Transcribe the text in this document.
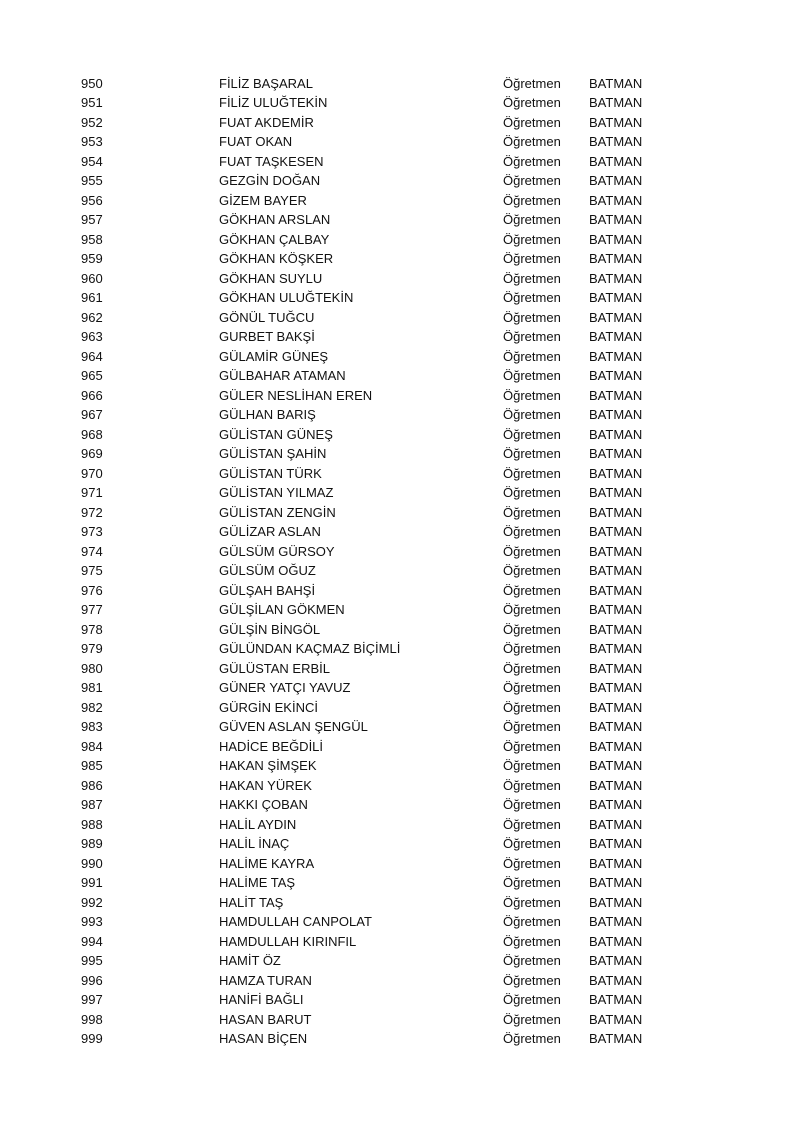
950	FİLİZ BAŞARAL	Öğretmen BATMAN
951	FİLİZ ULUĞTEKİN	Öğretmen BATMAN
952	FUAT AKDEMİR	Öğretmen BATMAN
953	FUAT OKAN	Öğretmen BATMAN
954	FUAT TAŞKESEN	Öğretmen BATMAN
955	GEZGİN DOĞAN	Öğretmen BATMAN
956	GİZEM BAYER	Öğretmen BATMAN
957	GÖKHAN ARSLAN	Öğretmen BATMAN
958	GÖKHAN ÇALBAY	Öğretmen BATMAN
959	GÖKHAN KÖŞKER	Öğretmen BATMAN
960	GÖKHAN SUYLU	Öğretmen BATMAN
961	GÖKHAN ULUĞTEKİN	Öğretmen BATMAN
962	GÖNÜL TUĞCU	Öğretmen BATMAN
963	GURBET BAKŞİ	Öğretmen BATMAN
964	GÜLAMİR GÜNEŞ	Öğretmen BATMAN
965	GÜLBAHAR ATAMAN	Öğretmen BATMAN
966	GÜLER NESLİHAN EREN	Öğretmen BATMAN
967	GÜLHAN BARIŞ	Öğretmen BATMAN
968	GÜLİSTAN GÜNEŞ	Öğretmen BATMAN
969	GÜLİSTAN ŞAHİN	Öğretmen BATMAN
970	GÜLİSTAN TÜRK	Öğretmen BATMAN
971	GÜLİSTAN YILMAZ	Öğretmen BATMAN
972	GÜLİSTAN ZENGİN	Öğretmen BATMAN
973	GÜLİZAR ASLAN	Öğretmen BATMAN
974	GÜLSÜM GÜRSOY	Öğretmen BATMAN
975	GÜLSÜM OĞUZ	Öğretmen BATMAN
976	GÜLŞAH BAHŞİ	Öğretmen BATMAN
977	GÜLŞİLAN GÖKMEN	Öğretmen BATMAN
978	GÜLŞİN BİNGÖL	Öğretmen BATMAN
979	GÜLÜNDAN KAÇMAZ BİÇİMLİ	Öğretmen BATMAN
980	GÜLÜSTAN ERBİL	Öğretmen BATMAN
981	GÜNER YATÇI YAVUZ	Öğretmen BATMAN
982	GÜRGİN EKİNCİ	Öğretmen BATMAN
983	GÜVEN ASLAN ŞENGÜL	Öğretmen BATMAN
984	HADİCE BEĞDİLİ	Öğretmen BATMAN
985	HAKAN ŞİMŞEK	Öğretmen BATMAN
986	HAKAN YÜREK	Öğretmen BATMAN
987	HAKKI ÇOBAN	Öğretmen BATMAN
988	HALİL AYDIN	Öğretmen BATMAN
989	HALİL İNAÇ	Öğretmen BATMAN
990	HALİME KAYRA	Öğretmen BATMAN
991	HALİME TAŞ	Öğretmen BATMAN
992	HALİT TAŞ	Öğretmen BATMAN
993	HAMDULLAH CANPOLAT	Öğretmen BATMAN
994	HAMDULLAH KIRINFIL	Öğretmen BATMAN
995	HAMİT ÖZ	Öğretmen BATMAN
996	HAMZA TURAN	Öğretmen BATMAN
997	HANİFİ BAĞLI	Öğretmen BATMAN
998	HASAN BARUT	Öğretmen BATMAN
999	HASAN BİÇEN	Öğretmen BATMAN
